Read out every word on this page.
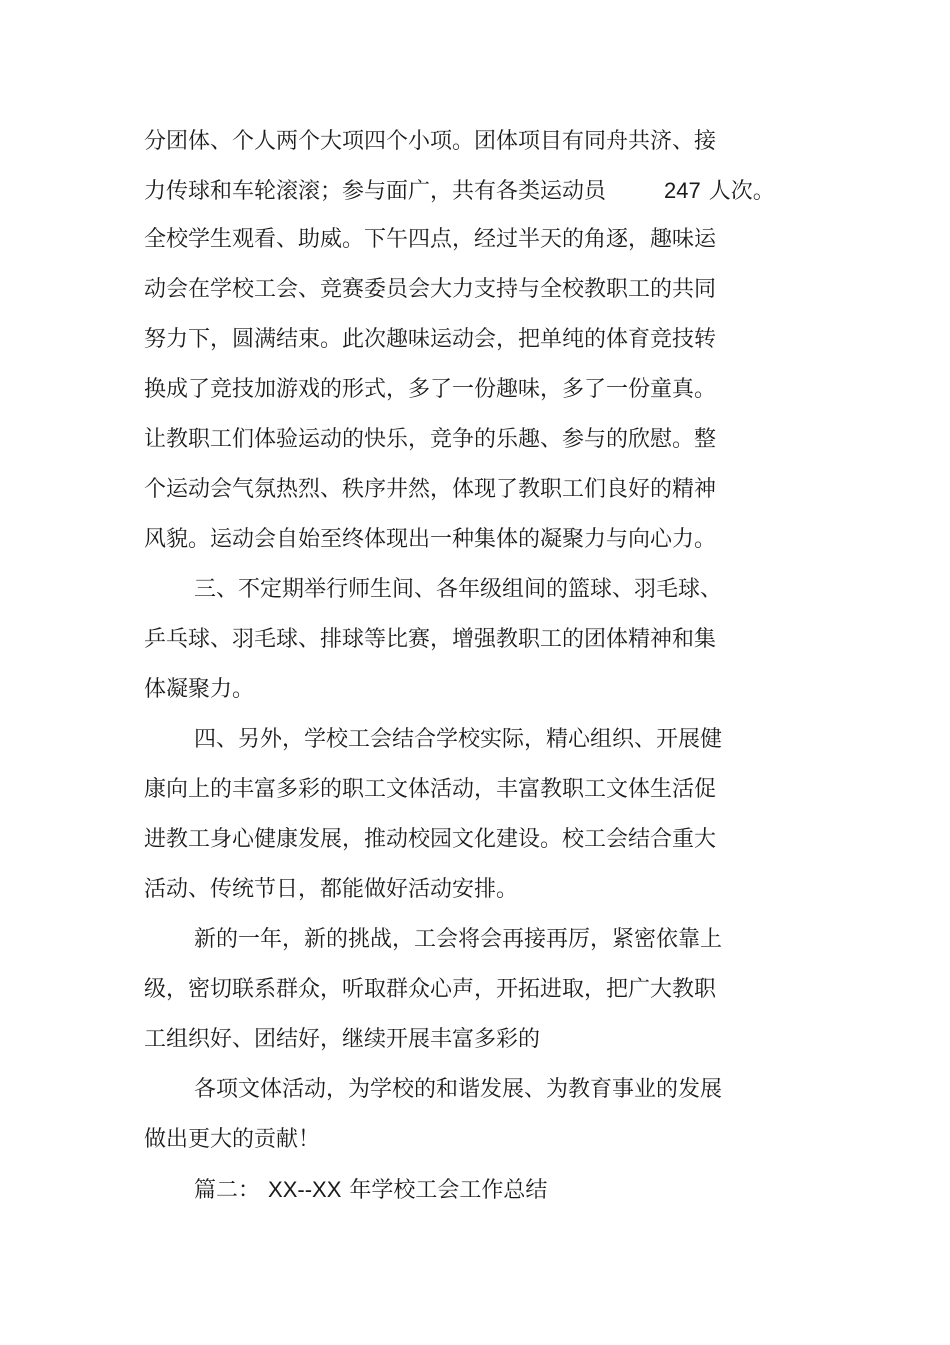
分团体、个人两个大项四个小项。团体项目有同舟共济、接
力传球和车轮滚滚；参与面广，共有各类运动员	247 人次。
全校学生观看、助威。下午四点，经过半天的角逐，趣味运
动会在学校工会、竞赛委员会大力支持与全校教职工的共同
努力下，圆满结束。此次趣味运动会，把单纯的体育竞技转
换成了竞技加游戏的形式，多了一份趣味，多了一份童真。
让教职工们体验运动的快乐，竞争的乐趣、参与的欣慰。整
个运动会气氛热烈、秩序井然，体现了教职工们良好的精神
风貌。运动会自始至终体现出一种集体的凝聚力与向心力。
三、不定期举行师生间、各年级组间的篮球、羽毛球、
乒乓球、羽毛球、排球等比赛，增强教职工的团体精神和集
体凝聚力。
四、另外，学校工会结合学校实际，精心组织、开展健
康向上的丰富多彩的职工文体活动，丰富教职工文体生活促
进教工身心健康发展，推动校园文化建设。校工会结合重大
活动、传统节日，都能做好活动安排。
新的一年，新的挑战，工会将会再接再厉，紧密依靠上
级，密切联系群众，听取群众心声，开拓进取，把广大教职
工组织好、团结好，继续开展丰富多彩的
各项文体活动，为学校的和谐发展、为教育事业的发展
做出更大的贡献！
篇二： XX--XX 年学校工会工作总结
